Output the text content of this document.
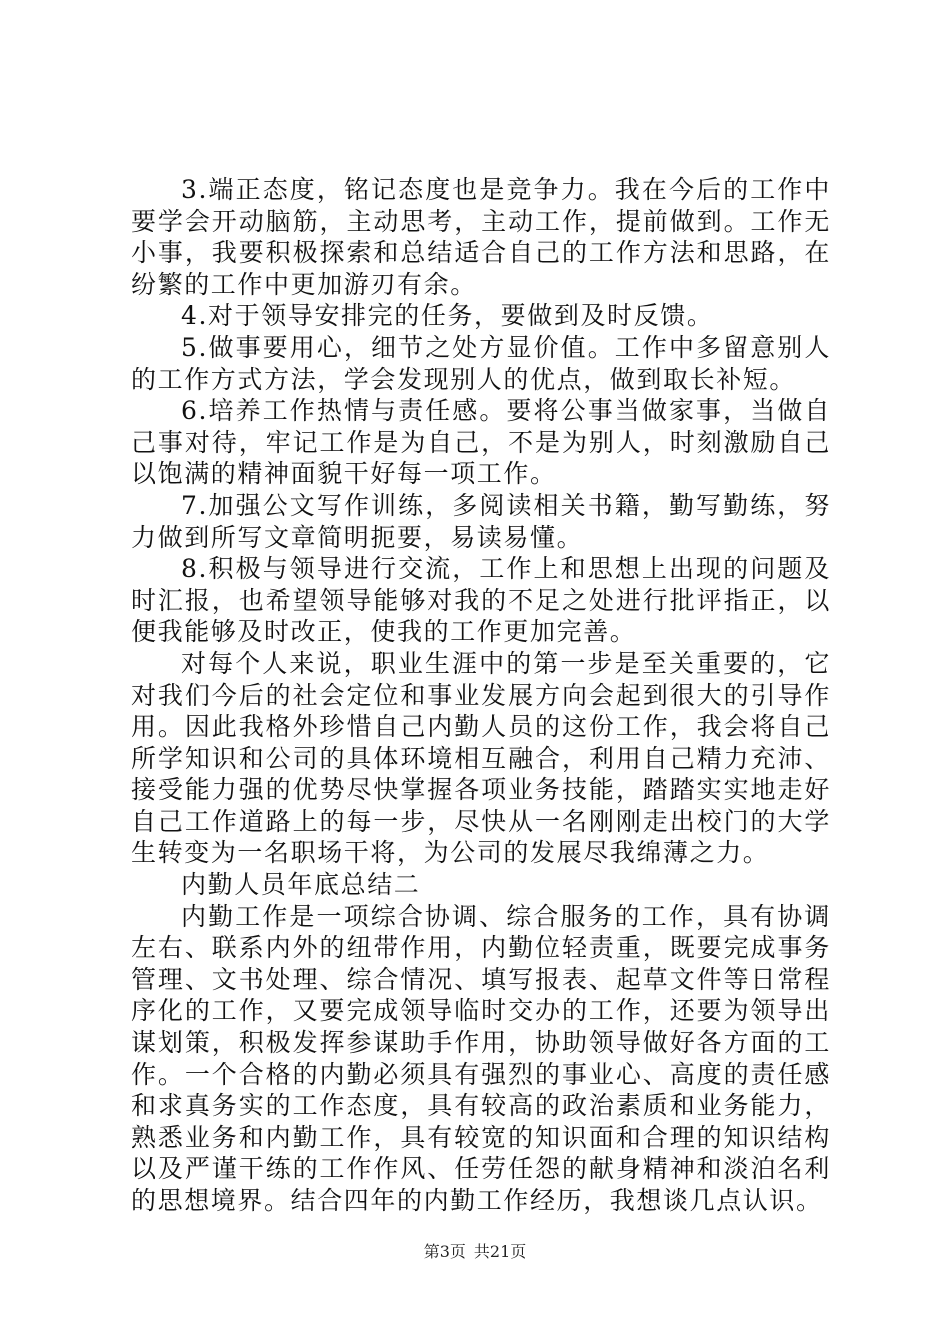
3.端正态度，铭记态度也是竞争力。我在今后的工作中要学会开动脑筋，主动思考，主动工作，提前做到。工作无小事，我要积极探索和总结适合自己的工作方法和思路，在纷繁的工作中更加游刃有余。

4.对于领导安排完的任务，要做到及时反馈。

5.做事要用心，细节之处方显价值。工作中多留意别人的工作方式方法，学会发现别人的优点，做到取长补短。

6.培养工作热情与责任感。要将公事当做家事，当做自己事对待，牢记工作是为自己，不是为别人，时刻激励自己以饱满的精神面貌干好每一项工作。

7.加强公文写作训练，多阅读相关书籍，勤写勤练，努力做到所写文章简明扼要，易读易懂。

8.积极与领导进行交流，工作上和思想上出现的问题及时汇报，也希望领导能够对我的不足之处进行批评指正，以便我能够及时改正，使我的工作更加完善。

对每个人来说，职业生涯中的第一步是至关重要的，它对我们今后的社会定位和事业发展方向会起到很大的引导作用。因此我格外珍惜自己内勤人员的这份工作，我会将自己所学知识和公司的具体环境相互融合，利用自己精力充沛、接受能力强的优势尽快掌握各项业务技能，踏踏实实地走好自己工作道路上的每一步，尽快从一名刚刚走出校门的大学生转变为一名职场干将，为公司的发展尽我绵薄之力。

内勤人员年底总结二

内勤工作是一项综合协调、综合服务的工作，具有协调左右、联系内外的纽带作用，内勤位轻责重，既要完成事务管理、文书处理、综合情况、填写报表、起草文件等日常程序化的工作，又要完成领导临时交办的工作，还要为领导出谋划策，积极发挥参谋助手作用，协助领导做好各方面的工作。一个合格的内勤必须具有强烈的事业心、高度的责任感和求真务实的工作态度，具有较高的政治素质和业务能力，熟悉业务和内勤工作，具有较宽的知识面和合理的知识结构以及严谨干练的工作作风、任劳任怨的献身精神和淡泊名利的思想境界。结合四年的内勤工作经历，我想谈几点认识。

第3页 共21页
